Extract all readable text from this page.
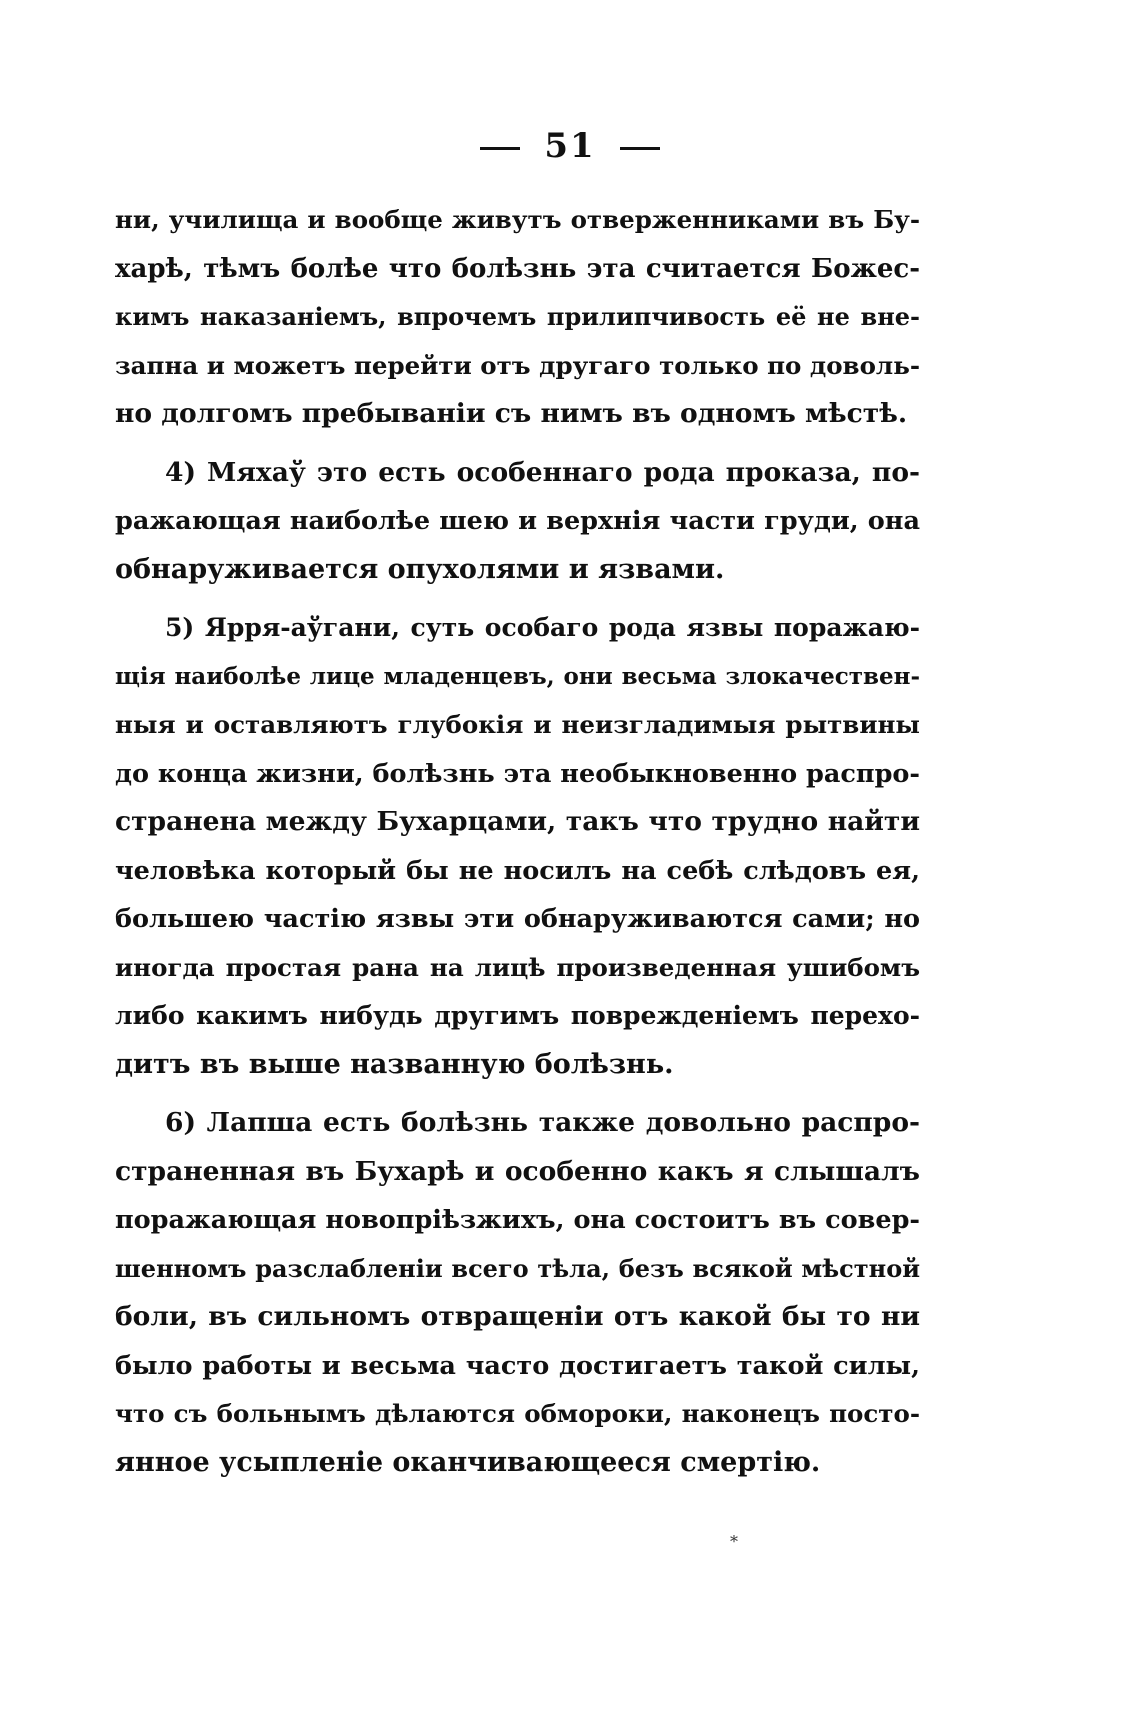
51
ни, училища и вообще живутъ отверженниками въ Бу-
харѣ, тѣмъ болѣе что болѣзнь эта считается Божес-
кимъ наказаніемъ, впрочемъ прилипчивость её не вне-
запна и можетъ перейти отъ другаго только по доволь-
но долгомъ пребываніи съ нимъ въ одномъ мѣстѣ.
4) Мяхаў это есть особеннаго рода проказа, по-
ражающая наиболѣе шею и верхнія части груди, она
обнаруживается опухолями и язвами.
5) Ярря-аўгани, суть особаго рода язвы поражаю-
щія наиболѣе лице младенцевъ, они весьма злокачествен-
ныя и оставляютъ глубокія и неизгладимыя рытвины
до конца жизни, болѣзнь эта необыкновенно распро-
странена между Бухарцами, такъ что трудно найти
человѣка который бы не носилъ на себѣ слѣдовъ ея,
большею частію язвы эти обнаруживаются сами; но
иногда простая рана на лицѣ произведенная ушибомъ
либо какимъ нибудь другимъ поврежденіемъ перехо-
дитъ въ выше названную болѣзнь.
6) Лапша есть болѣзнь также довольно распро-
страненная въ Бухарѣ и особенно какъ я слышалъ
поражающая новопріѣзжихъ, она состоитъ въ совер-
шенномъ разслабленіи всего тѣла, безъ всякой мѣстной
боли, въ сильномъ отвращеніи отъ какой бы то ни
было работы и весьма часто достигаетъ такой силы,
что съ больнымъ дѣлаются обмороки, наконецъ посто-
янное усыпленіе оканчивающееся смертію.
*
